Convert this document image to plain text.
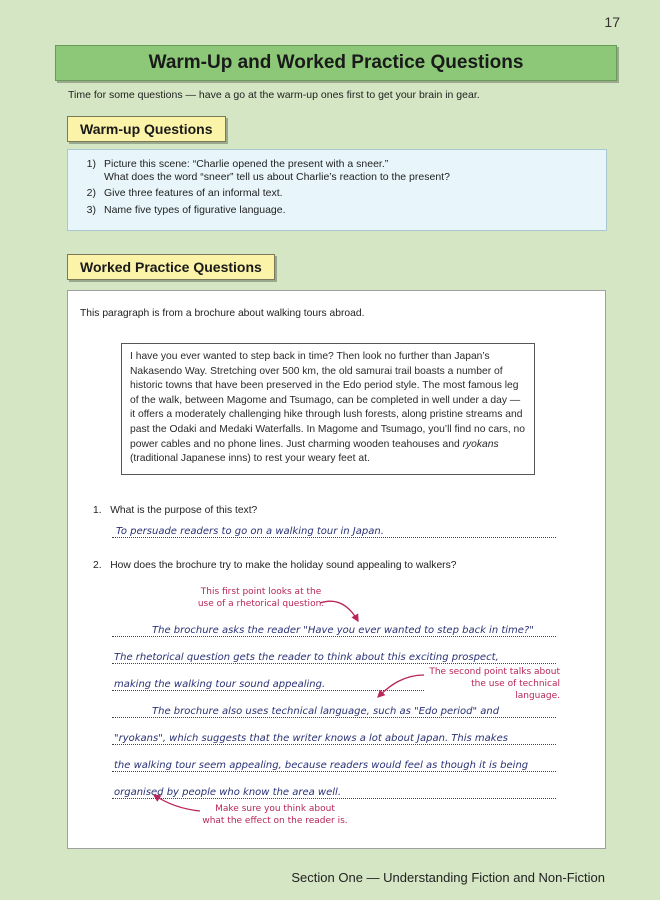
17
Warm-Up and Worked Practice Questions
Time for some questions — have a go at the warm-up ones first to get your brain in gear.
Warm-up Questions
1) Picture this scene: “Charlie opened the present with a sneer.”
What does the word “sneer” tell us about Charlie’s reaction to the present?
2) Give three features of an informal text.
3) Name five types of figurative language.
Worked Practice Questions
This paragraph is from a brochure about walking tours abroad.
I have you ever wanted to step back in time? Then look no further than Japan’s Nakasendo Way. Stretching over 500 km, the old samurai trail boasts a number of historic towns that have been preserved in the Edo period style. The most famous leg of the walk, between Magome and Tsumago, can be completed in well under a day — it offers a moderately challenging hike through lush forests, along pristine streams and past the Odaki and Medaki Waterfalls. In Magome and Tsumago, you’ll find no cars, no power cables and no phone lines. Just charming wooden teahouses and ryokans (traditional Japanese inns) to rest your weary feet at.
1. What is the purpose of this text?
To persuade readers to go on a walking tour in Japan.
2. How does the brochure try to make the holiday sound appealing to walkers?
This first point looks at the
use of a rhetorical question.
The brochure asks the reader "Have you ever wanted to step back in time?"
The rhetorical question gets the reader to think about this exciting prospect,
making the walking tour sound appealing.
The second point talks about
the use of technical language.
The brochure also uses technical language, such as "Edo period" and
"ryokans", which suggests that the writer knows a lot about Japan. This makes
the walking tour seem appealing, because readers would feel as though it is being
organised by people who know the area well.
Make sure you think about
what the effect on the reader is.
Section One — Understanding Fiction and Non-Fiction
